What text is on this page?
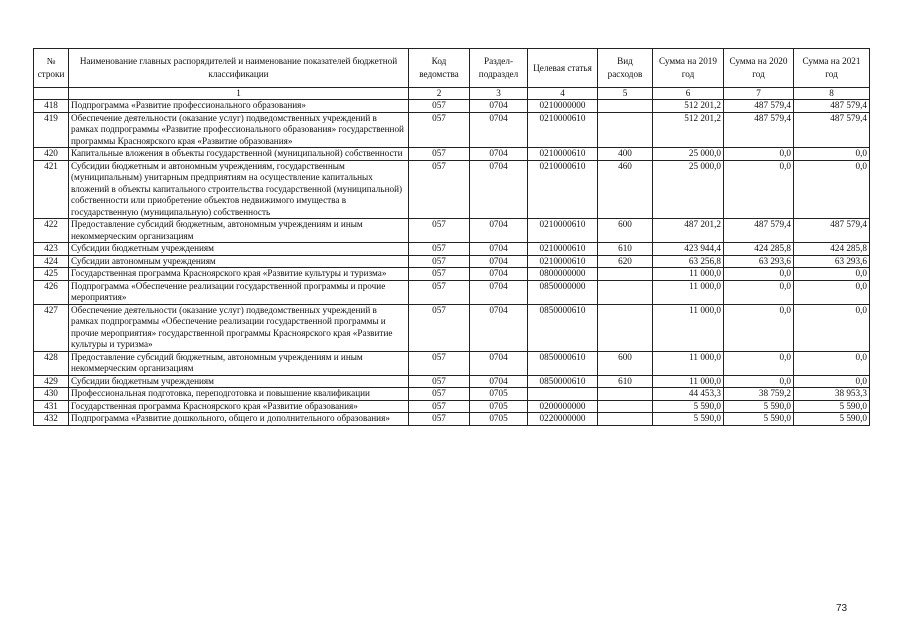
№ строки	Наименование главных распорядителей и наименование показателей бюджетной классификации	Код ведомства	Раздел-подраздел	Целевая статья	Вид расходов	Сумма на 2019 год	Сумма на 2020 год	Сумма на 2021 год
	1	2	3	4	5	6	7	8
418	Подпрограмма «Развитие профессионального образования»	057	0704	0210000000		512 201,2	487 579,4	487 579,4
419	Обеспечение деятельности (оказание услуг) подведомственных учреждений в рамках подпрограммы «Развитие профессионального образования» государственной программы Красноярского края «Развитие образования»	057	0704	0210000610		512 201,2	487 579,4	487 579,4
420	Капитальные вложения в объекты государственной (муниципальной) собственности	057	0704	0210000610	400	25 000,0	0,0	0,0
421	Субсидии бюджетным и автономным учреждениям, государственным (муниципальным) унитарным предприятиям на осуществление капитальных вложений в объекты капитального строительства государственной (муниципальной) собственности или приобретение объектов недвижимого имущества в государственную (муниципальную) собственность	057	0704	0210000610	460	25 000,0	0,0	0,0
422	Предоставление субсидий бюджетным, автономным учреждениям и иным некоммерческим организациям	057	0704	0210000610	600	487 201,2	487 579,4	487 579,4
423	Субсидии бюджетным учреждениям	057	0704	0210000610	610	423 944,4	424 285,8	424 285,8
424	Субсидии автономным учреждениям	057	0704	0210000610	620	63 256,8	63 293,6	63 293,6
425	Государственная программа Красноярского края «Развитие культуры и туризма»	057	0704	0800000000		11 000,0	0,0	0,0
426	Подпрограмма «Обеспечение реализации государственной программы и прочие мероприятия»	057	0704	0850000000		11 000,0	0,0	0,0
427	Обеспечение деятельности (оказание услуг) подведомственных учреждений в рамках подпрограммы «Обеспечение реализации государственной программы и прочие мероприятия» государственной программы Красноярского края «Развитие культуры и туризма»	057	0704	0850000610		11 000,0	0,0	0,0
428	Предоставление субсидий бюджетным, автономным учреждениям и иным некоммерческим организациям	057	0704	0850000610	600	11 000,0	0,0	0,0
429	Субсидии бюджетным учреждениям	057	0704	0850000610	610	11 000,0	0,0	0,0
430	Профессиональная подготовка, переподготовка и повышение квалификации	057	0705			44 453,3	38 759,2	38 953,3
431	Государственная программа Красноярского края «Развитие образования»	057	0705	0200000000		5 590,0	5 590,0	5 590,0
432	Подпрограмма «Развитие дошкольного, общего и дополнительного образования»	057	0705	0220000000		5 590,0	5 590,0	5 590,0
73
